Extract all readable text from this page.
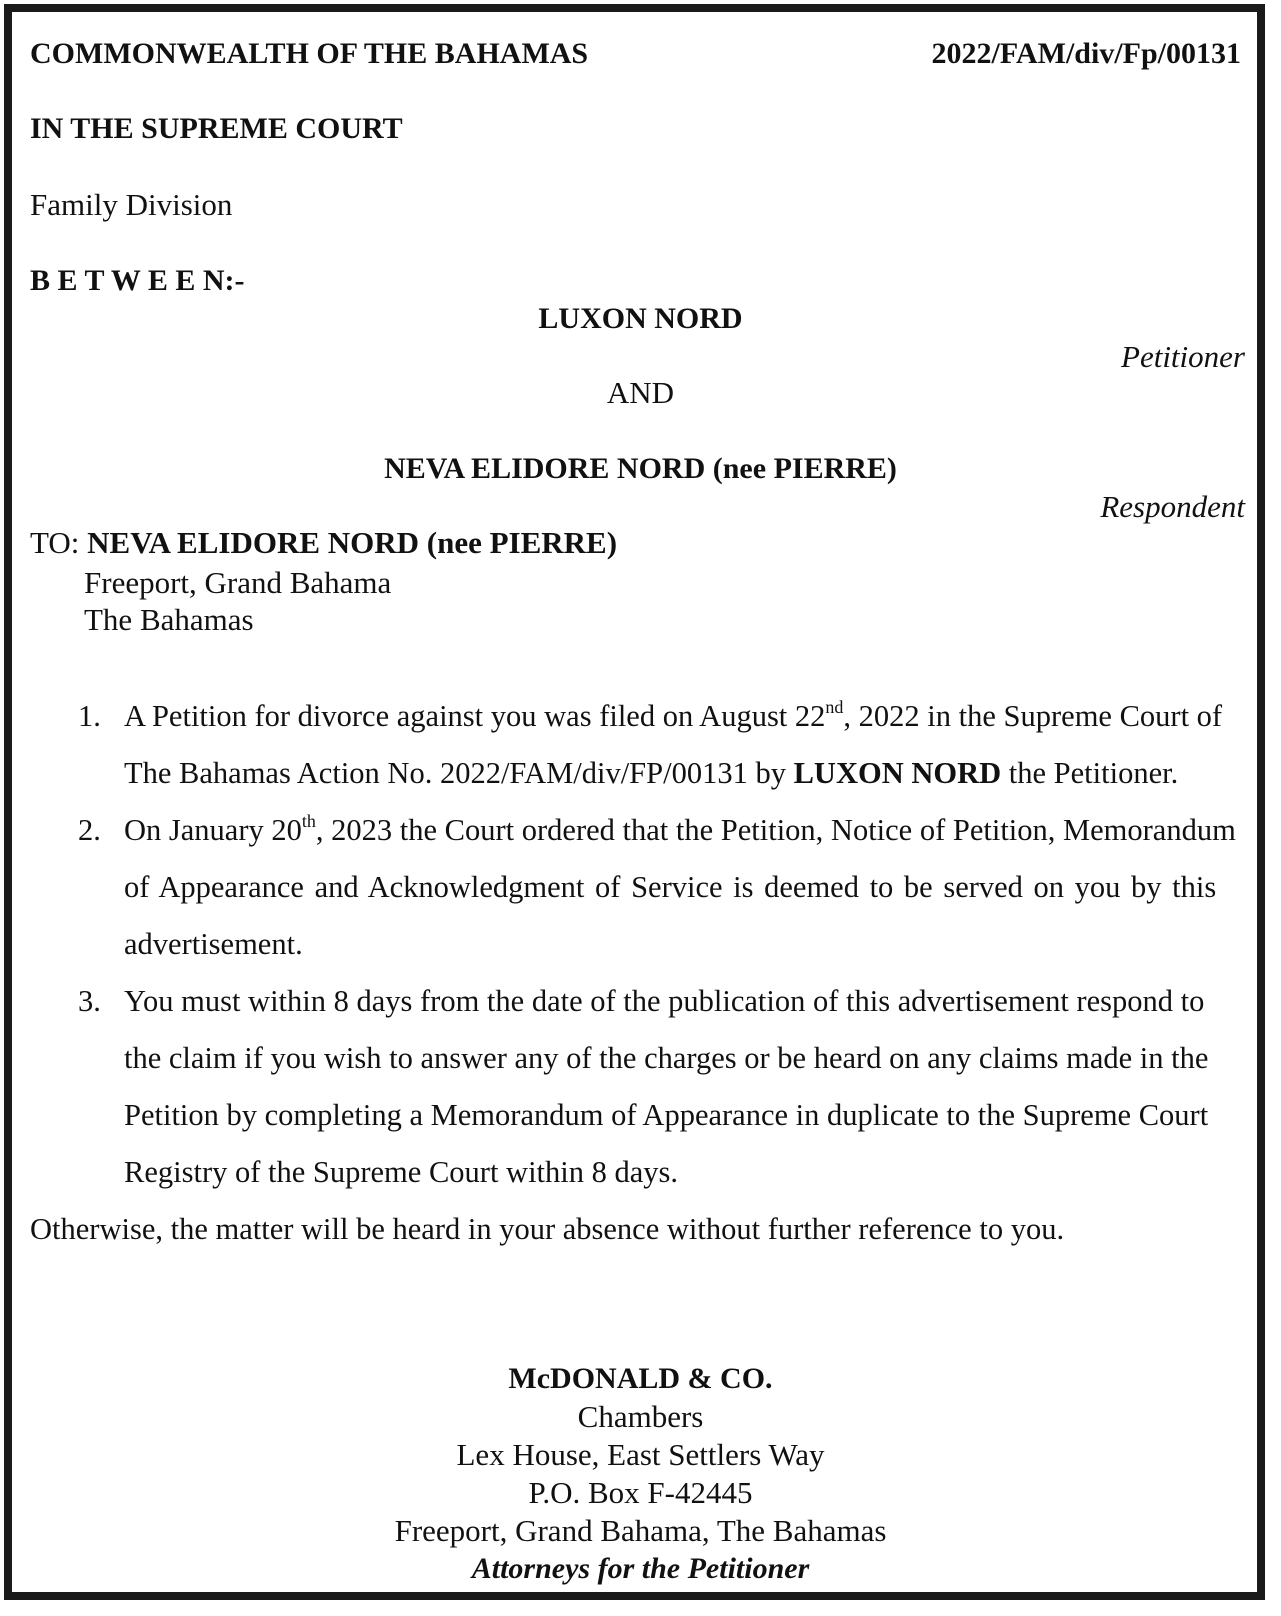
COMMONWEALTH OF THE BAHAMAS	2022/FAM/div/Fp/00131
IN THE SUPREME COURT
Family Division
B E T W E E N:-
LUXON NORD
Petitioner
AND
NEVA ELIDORE NORD (nee PIERRE)
Respondent
TO: NEVA ELIDORE NORD (nee PIERRE)
Freeport, Grand Bahama
The Bahamas
1. A Petition for divorce against you was filed on August 22nd, 2022 in the Supreme Court of
The Bahamas Action No. 2022/FAM/div/FP/00131 by LUXON NORD the Petitioner.
2. On January 20th, 2023 the Court ordered that the Petition, Notice of Petition, Memorandum
of Appearance and Acknowledgment of Service is deemed to be served on you by this
advertisement.
3. You must within 8 days from the date of the publication of this advertisement respond to
the claim if you wish to answer any of the charges or be heard on any claims made in the
Petition by completing a Memorandum of Appearance in duplicate to the Supreme Court
Registry of the Supreme Court within 8 days.
Otherwise, the matter will be heard in your absence without further reference to you.
McDONALD & CO.
Chambers
Lex House, East Settlers Way
P.O. Box F-42445
Freeport, Grand Bahama, The Bahamas
Attorneys for the Petitioner
